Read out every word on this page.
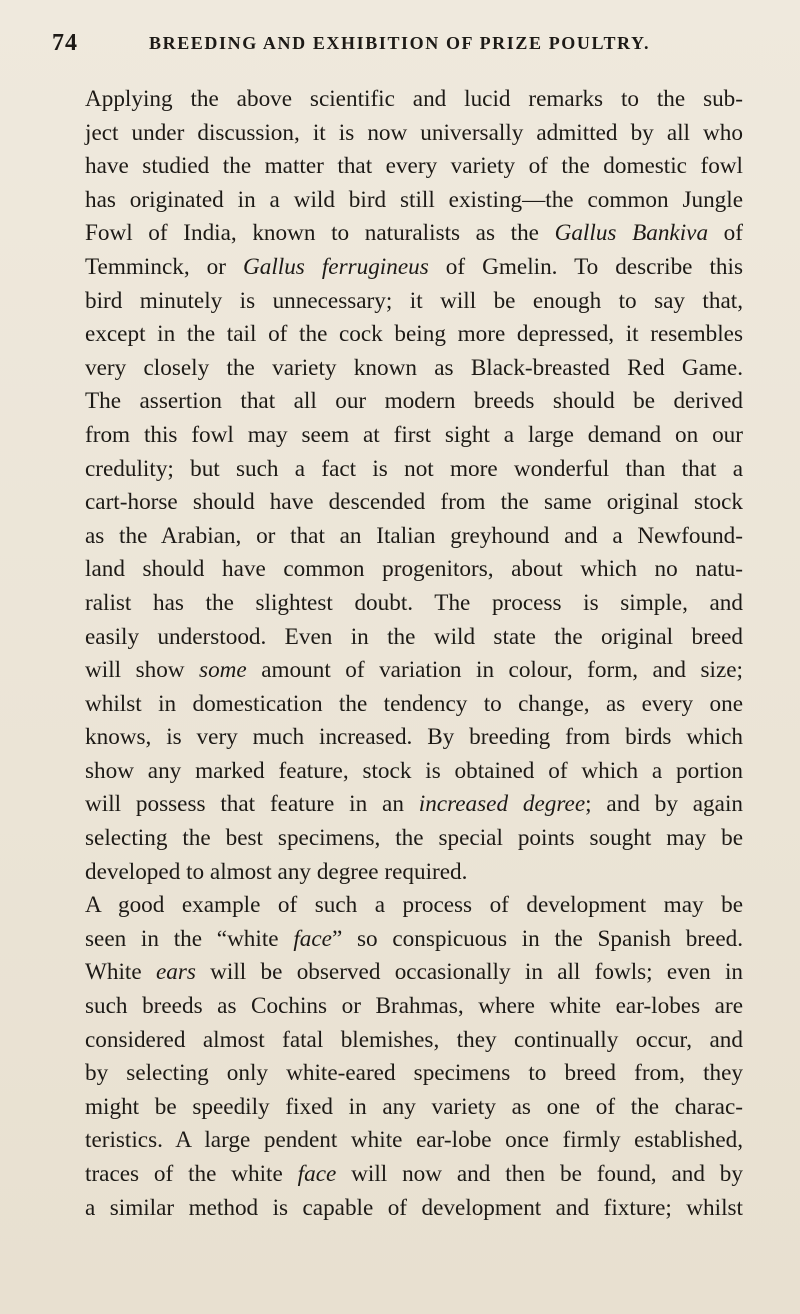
74	BREEDING AND EXHIBITION OF PRIZE POULTRY.

Applying the above scientific and lucid remarks to the sub-
ject under discussion, it is now universally admitted by all who
have studied the matter that every variety of the domestic fowl
has originated in a wild bird still existing—the common Jungle
Fowl of India, known to naturalists as the Gallus Bankiva of
Temminck, or Gallus ferrugineus of Gmelin. To describe this
bird minutely is unnecessary; it will be enough to say that,
except in the tail of the cock being more depressed, it resembles
very closely the variety known as Black-breasted Red Game.
The assertion that all our modern breeds should be derived
from this fowl may seem at first sight a large demand on our
credulity; but such a fact is not more wonderful than that a
cart-horse should have descended from the same original stock
as the Arabian, or that an Italian greyhound and a Newfound-
land should have common progenitors, about which no natu-
ralist has the slightest doubt. The process is simple, and
easily understood. Even in the wild state the original breed
will show some amount of variation in colour, form, and size;
whilst in domestication the tendency to change, as every one
knows, is very much increased. By breeding from birds which
show any marked feature, stock is obtained of which a portion
will possess that feature in an increased degree; and by again
selecting the best specimens, the special points sought may be
developed to almost any degree required.

A good example of such a process of development may be
seen in the “white face” so conspicuous in the Spanish breed.
White ears will be observed occasionally in all fowls; even in
such breeds as Cochins or Brahmas, where white ear-lobes are
considered almost fatal blemishes, they continually occur, and
by selecting only white-eared specimens to breed from, they
might be speedily fixed in any variety as one of the charac-
teristics. A large pendent white ear-lobe once firmly established,
traces of the white face will now and then be found, and by
a similar method is capable of development and fixture; whilst
